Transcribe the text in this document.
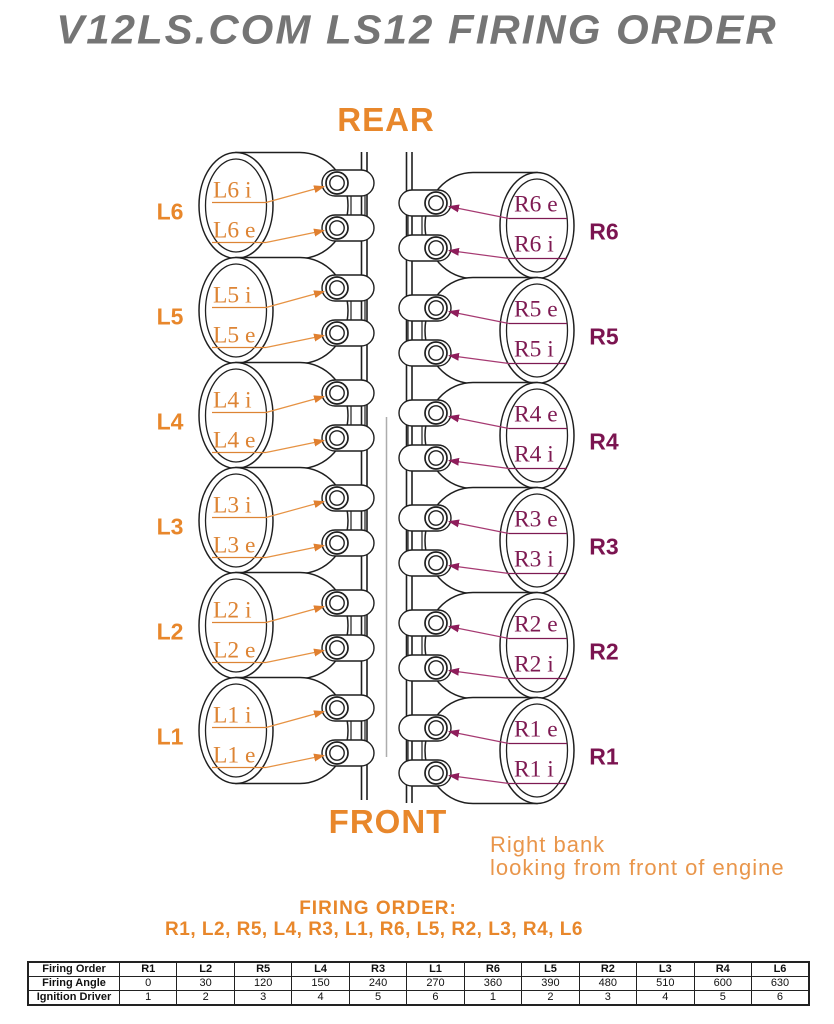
V12LS.COM LS12 FIRING ORDER
L6 i
L6 e
L6
L5 i
L5 e
L5
L4 i
L4 e
L4
L3 i
L3 e
L3
L2 i
L2 e
L2
L1 i
L1 e
L1
R6 e
R6 i R6
R5 e
R5 i R5
R4 e
R4 i R4
R3 e
R3 i R3
R2 e
R2 i R2
R1 e
R1 i R1
REAR
FRONT
Right bank
looking from front of engine
FIRING ORDER:
R1, L2, R5, L4, R3, L1, R6, L5, R2, L3, R4, L6
Firing Order	R1	L2	R5	L4	R3	L1	R6	L5	R2	L3	R4	L6
Firing Angle	0	30	120	150	240	270	360	390	480	510	600	630
Ignition Driver	1	2	3	4	5	6	1	2	3	4	5	6
